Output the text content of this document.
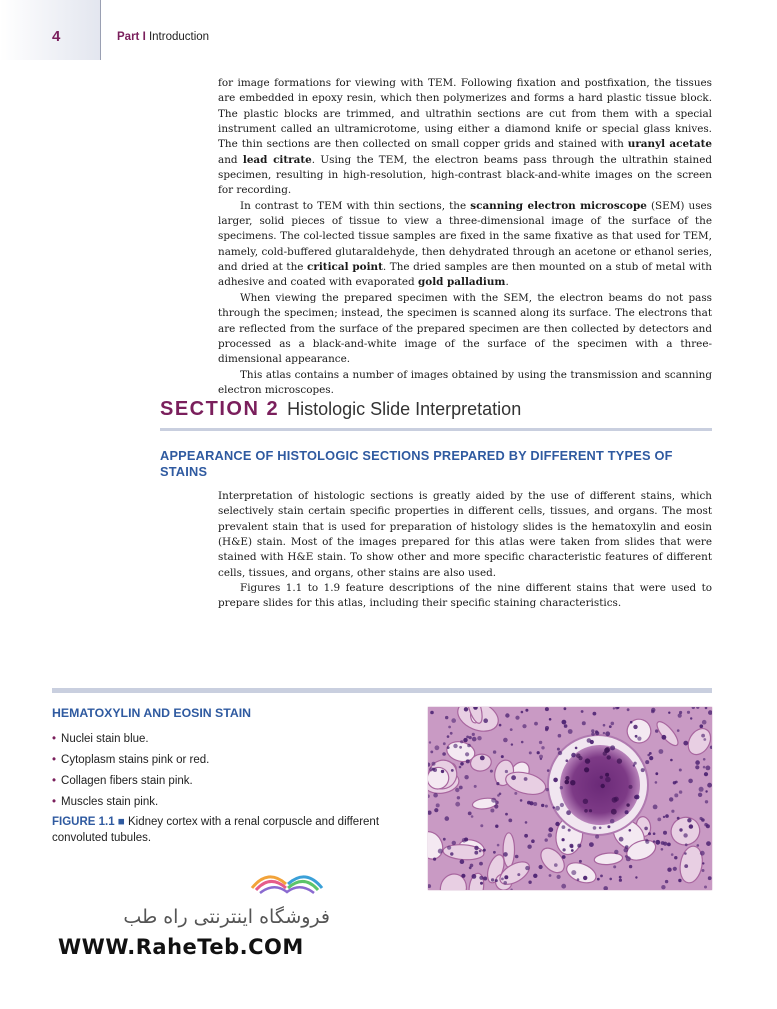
4	Part I Introduction

for image formations for viewing with TEM. Following fixation and postfixation, the tissues are embedded in epoxy resin, which then polymerizes and forms a hard plastic tissue block. The plastic blocks are trimmed, and ultrathin sections are cut from them with a special instrument called an ultramicrotome, using either a diamond knife or special glass knives. The thin sections are then collected on small copper grids and stained with uranyl acetate and lead citrate. Using the TEM, the electron beams pass through the ultrathin stained specimen, resulting in high-resolution, high-contrast black-and-white images on the screen for recording.

In contrast to TEM with thin sections, the scanning electron microscope (SEM) uses larger, solid pieces of tissue to view a three-dimensional image of the surface of the specimens. The col-lected tissue samples are fixed in the same fixative as that used for TEM, namely, cold-buffered glutaraldehyde, then dehydrated through an acetone or ethanol series, and dried at the critical point. The dried samples are then mounted on a stub of metal with adhesive and coated with evaporated gold palladium.

When viewing the prepared specimen with the SEM, the electron beams do not pass through the specimen; instead, the specimen is scanned along its surface. The electrons that are reflected from the surface of the prepared specimen are then collected by detectors and processed as a black-and-white image of the surface of the specimen with a three-dimensional appearance.

This atlas contains a number of images obtained by using the transmission and scanning electron microscopes.

SECTION 2 Histologic Slide Interpretation
APPEARANCE OF HISTOLOGIC SECTIONS PREPARED BY DIFFERENT TYPES OF STAINS

Interpretation of histologic sections is greatly aided by the use of different stains, which selectively stain certain specific properties in different cells, tissues, and organs. The most prevalent stain that is used for preparation of histology slides is the hematoxylin and eosin (H&E) stain. Most of the images prepared for this atlas were taken from slides that were stained with H&E stain. To show other and more specific characteristic features of different cells, tissues, and organs, other stains are also used.

Figures 1.1 to 1.9 feature descriptions of the nine different stains that were used to prepare slides for this atlas, including their specific staining characteristics.

HEMATOXYLIN AND EOSIN STAIN
• Nuclei stain blue.
• Cytoplasm stains pink or red.
• Collagen fibers stain pink.
• Muscles stain pink.
FIGURE 1.1 ■ Kidney cortex with a renal corpuscle and different convoluted tubules.
فروشگاه اینترنتی راه طب
WWW.RaheTeb.COM
